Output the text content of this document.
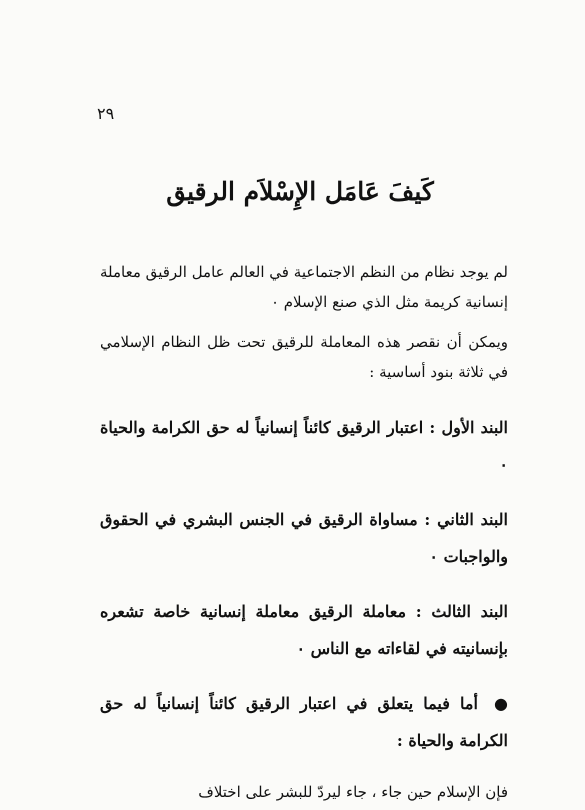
٢٩
كَيفَ عَامَل الإِسْلاَم الرقيق

لم يوجد نظام من النظم الاجتماعية في العالم عامل الرقيق معاملة إنسانية كريمة مثل الذي صنع الإسلام ٠

ويمكن أن نقصر هذه المعاملة للرقيق تحت ظل النظام الإسلامي في ثلاثة بنود أساسية :

البند الأول : اعتبار الرقيق كائناً إنسانياً له حق الكرامة والحياة ٠

البند الثاني : مساواة الرقيق في الجنس البشري في الحقوق والواجبات ٠

البند الثالث : معاملة الرقيق معاملة إنسانية خاصة تشعره بإنسانيته في لقاءاته مع الناس ٠

● أما فيما يتعلق في اعتبار الرقيق كائناً إنسانياً له حق الكرامة والحياة :

فإن الإسلام حين جاء ، جاء ليردّ للبشر على اختلاف
